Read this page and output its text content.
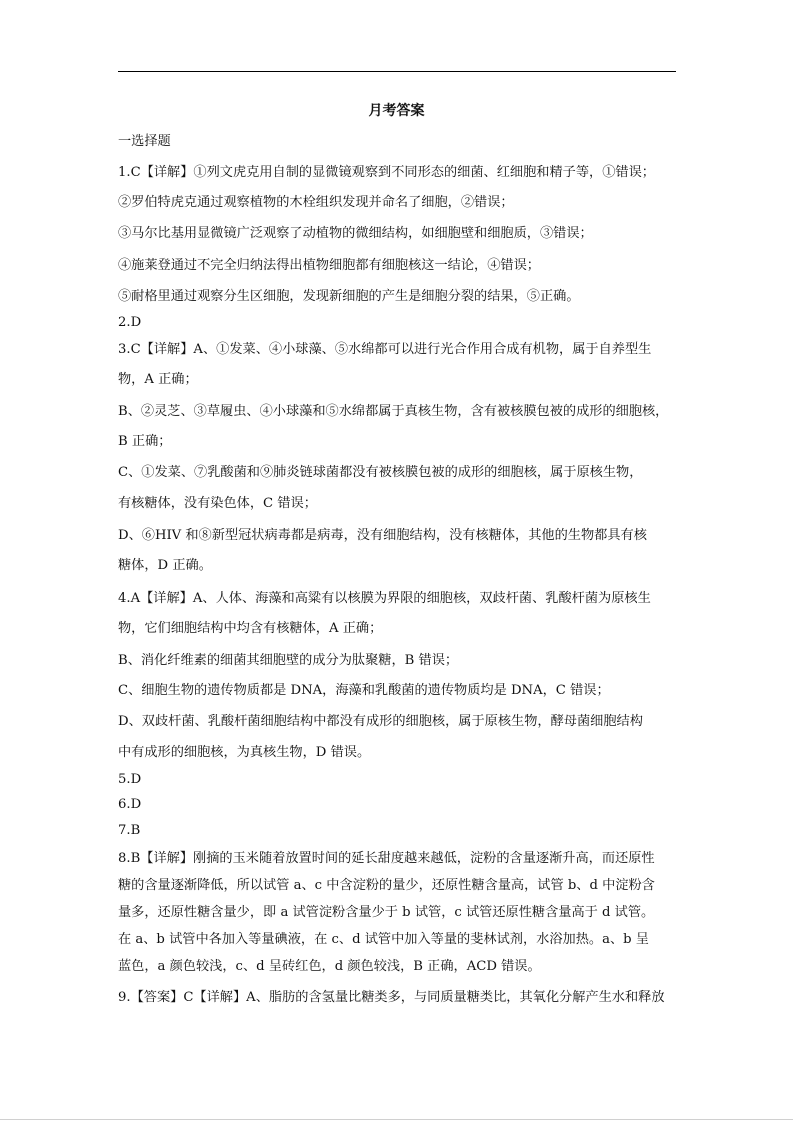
月考答案
一选择题
1.C【详解】①列文虎克用自制的显微镜观察到不同形态的细菌、红细胞和精子等，①错误；
②罗伯特虎克通过观察植物的木栓组织发现并命名了细胞，②错误；
③马尔比基用显微镜广泛观察了动植物的微细结构，如细胞壁和细胞质，③错误；
④施莱登通过不完全归纳法得出植物细胞都有细胞核这一结论，④错误；
⑤耐格里通过观察分生区细胞，发现新细胞的产生是细胞分裂的结果，⑤正确。
2.D
3.C【详解】A、①发菜、④小球藻、⑤水绵都可以进行光合作用合成有机物，属于自养型生
物，A 正确；
B、②灵芝、③草履虫、④小球藻和⑤水绵都属于真核生物，含有被核膜包被的成形的细胞核，
B 正确；
C、①发菜、⑦乳酸菌和⑨肺炎链球菌都没有被核膜包被的成形的细胞核，属于原核生物，
有核糖体，没有染色体，C 错误；
D、⑥HIV 和⑧新型冠状病毒都是病毒，没有细胞结构，没有核糖体，其他的生物都具有核
糖体，D 正确。
4.A【详解】A、人体、海藻和高粱有以核膜为界限的细胞核，双歧杆菌、乳酸杆菌为原核生
物，它们细胞结构中均含有核糖体，A 正确；
B、消化纤维素的细菌其细胞壁的成分为肽聚糖，B 错误；
C、细胞生物的遗传物质都是 DNA，海藻和乳酸菌的遗传物质均是 DNA，C 错误；
D、双歧杆菌、乳酸杆菌细胞结构中都没有成形的细胞核，属于原核生物，酵母菌细胞结构
中有成形的细胞核，为真核生物，D 错误。
5.D
6.D
7.B
8.B【详解】刚摘的玉米随着放置时间的延长甜度越来越低，淀粉的含量逐渐升高，而还原性
糖的含量逐渐降低，所以试管 a、c 中含淀粉的量少，还原性糖含量高，试管 b、d 中淀粉含
量多，还原性糖含量少，即 a 试管淀粉含量少于 b 试管，c 试管还原性糖含量高于 d 试管。
在 a、b 试管中各加入等量碘液，在 c、d 试管中加入等量的斐林试剂，水浴加热。a、b 呈
蓝色，a 颜色较浅，c、d 呈砖红色，d 颜色较浅，B 正确，ACD 错误。
9.【答案】C【详解】A、脂肪的含氢量比糖类多，与同质量糖类比，其氧化分解产生水和释放
